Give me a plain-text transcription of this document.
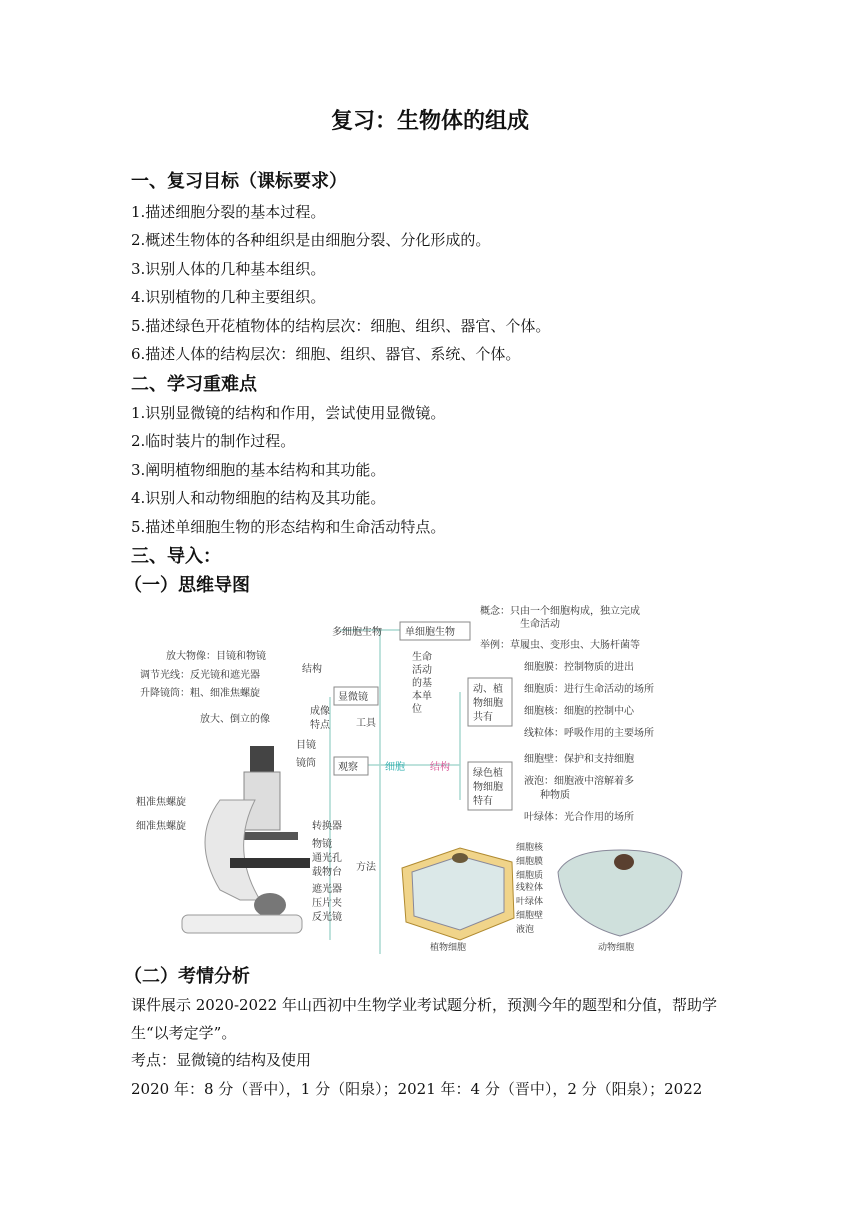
复习：生物体的组成
一、复习目标（课标要求）
1.描述细胞分裂的基本过程。
2.概述生物体的各种组织是由细胞分裂、分化形成的。
3.识别人体的几种基本组织。
4.识别植物的几种主要组织。
5.描述绿色开花植物体的结构层次：细胞、组织、器官、个体。
6.描述人体的结构层次：细胞、组织、器官、系统、个体。
二、学习重难点
1.识别显微镜的结构和作用，尝试使用显微镜。
2.临时装片的制作过程。
3.阐明植物细胞的基本结构和其功能。
4.识别人和动物细胞的结构及其功能。
5.描述单细胞生物的形态结构和生命活动特点。
三、导入：
（一）思维导图
多细胞生物 单细胞生物
概念：只由一个细胞构成，独立完成
生命活动
举例：草履虫、变形虫、大肠杆菌等
放大物像：目镜和物镜
调节光线：反光镜和遮光器
升降镜筒：粗、细准焦螺旋
结构
显微镜
成像
特点
放大、倒立的像	工具
观察
方法
细胞	结构
生命
活动
的基
本单
位
动、植
物细胞
共有
细胞膜：控制物质的进出
细胞质：进行生命活动的场所
细胞核：细胞的控制中心
线粒体：呼吸作用的主要场所
绿色植
物细胞
特有
细胞壁：保护和支持细胞
液泡：细胞液中溶解着多
种物质
叶绿体：光合作用的场所
目镜
镜筒
粗准焦螺旋
细准焦螺旋	转换器
物镜
通光孔
载物台
遮光器
压片夹
反光镜
细胞核
细胞膜
细胞质
线粒体
叶绿体
细胞壁
液泡
植物细胞	动物细胞
（二）考情分析
课件展示 2020-2022 年山西初中生物学业考试题分析，预测今年的题型和分值，帮助学生“以考定学”。
考点：显微镜的结构及使用
2020 年：8 分（晋中），1 分（阳泉）；2021 年：4 分（晋中），2 分（阳泉）；2022
